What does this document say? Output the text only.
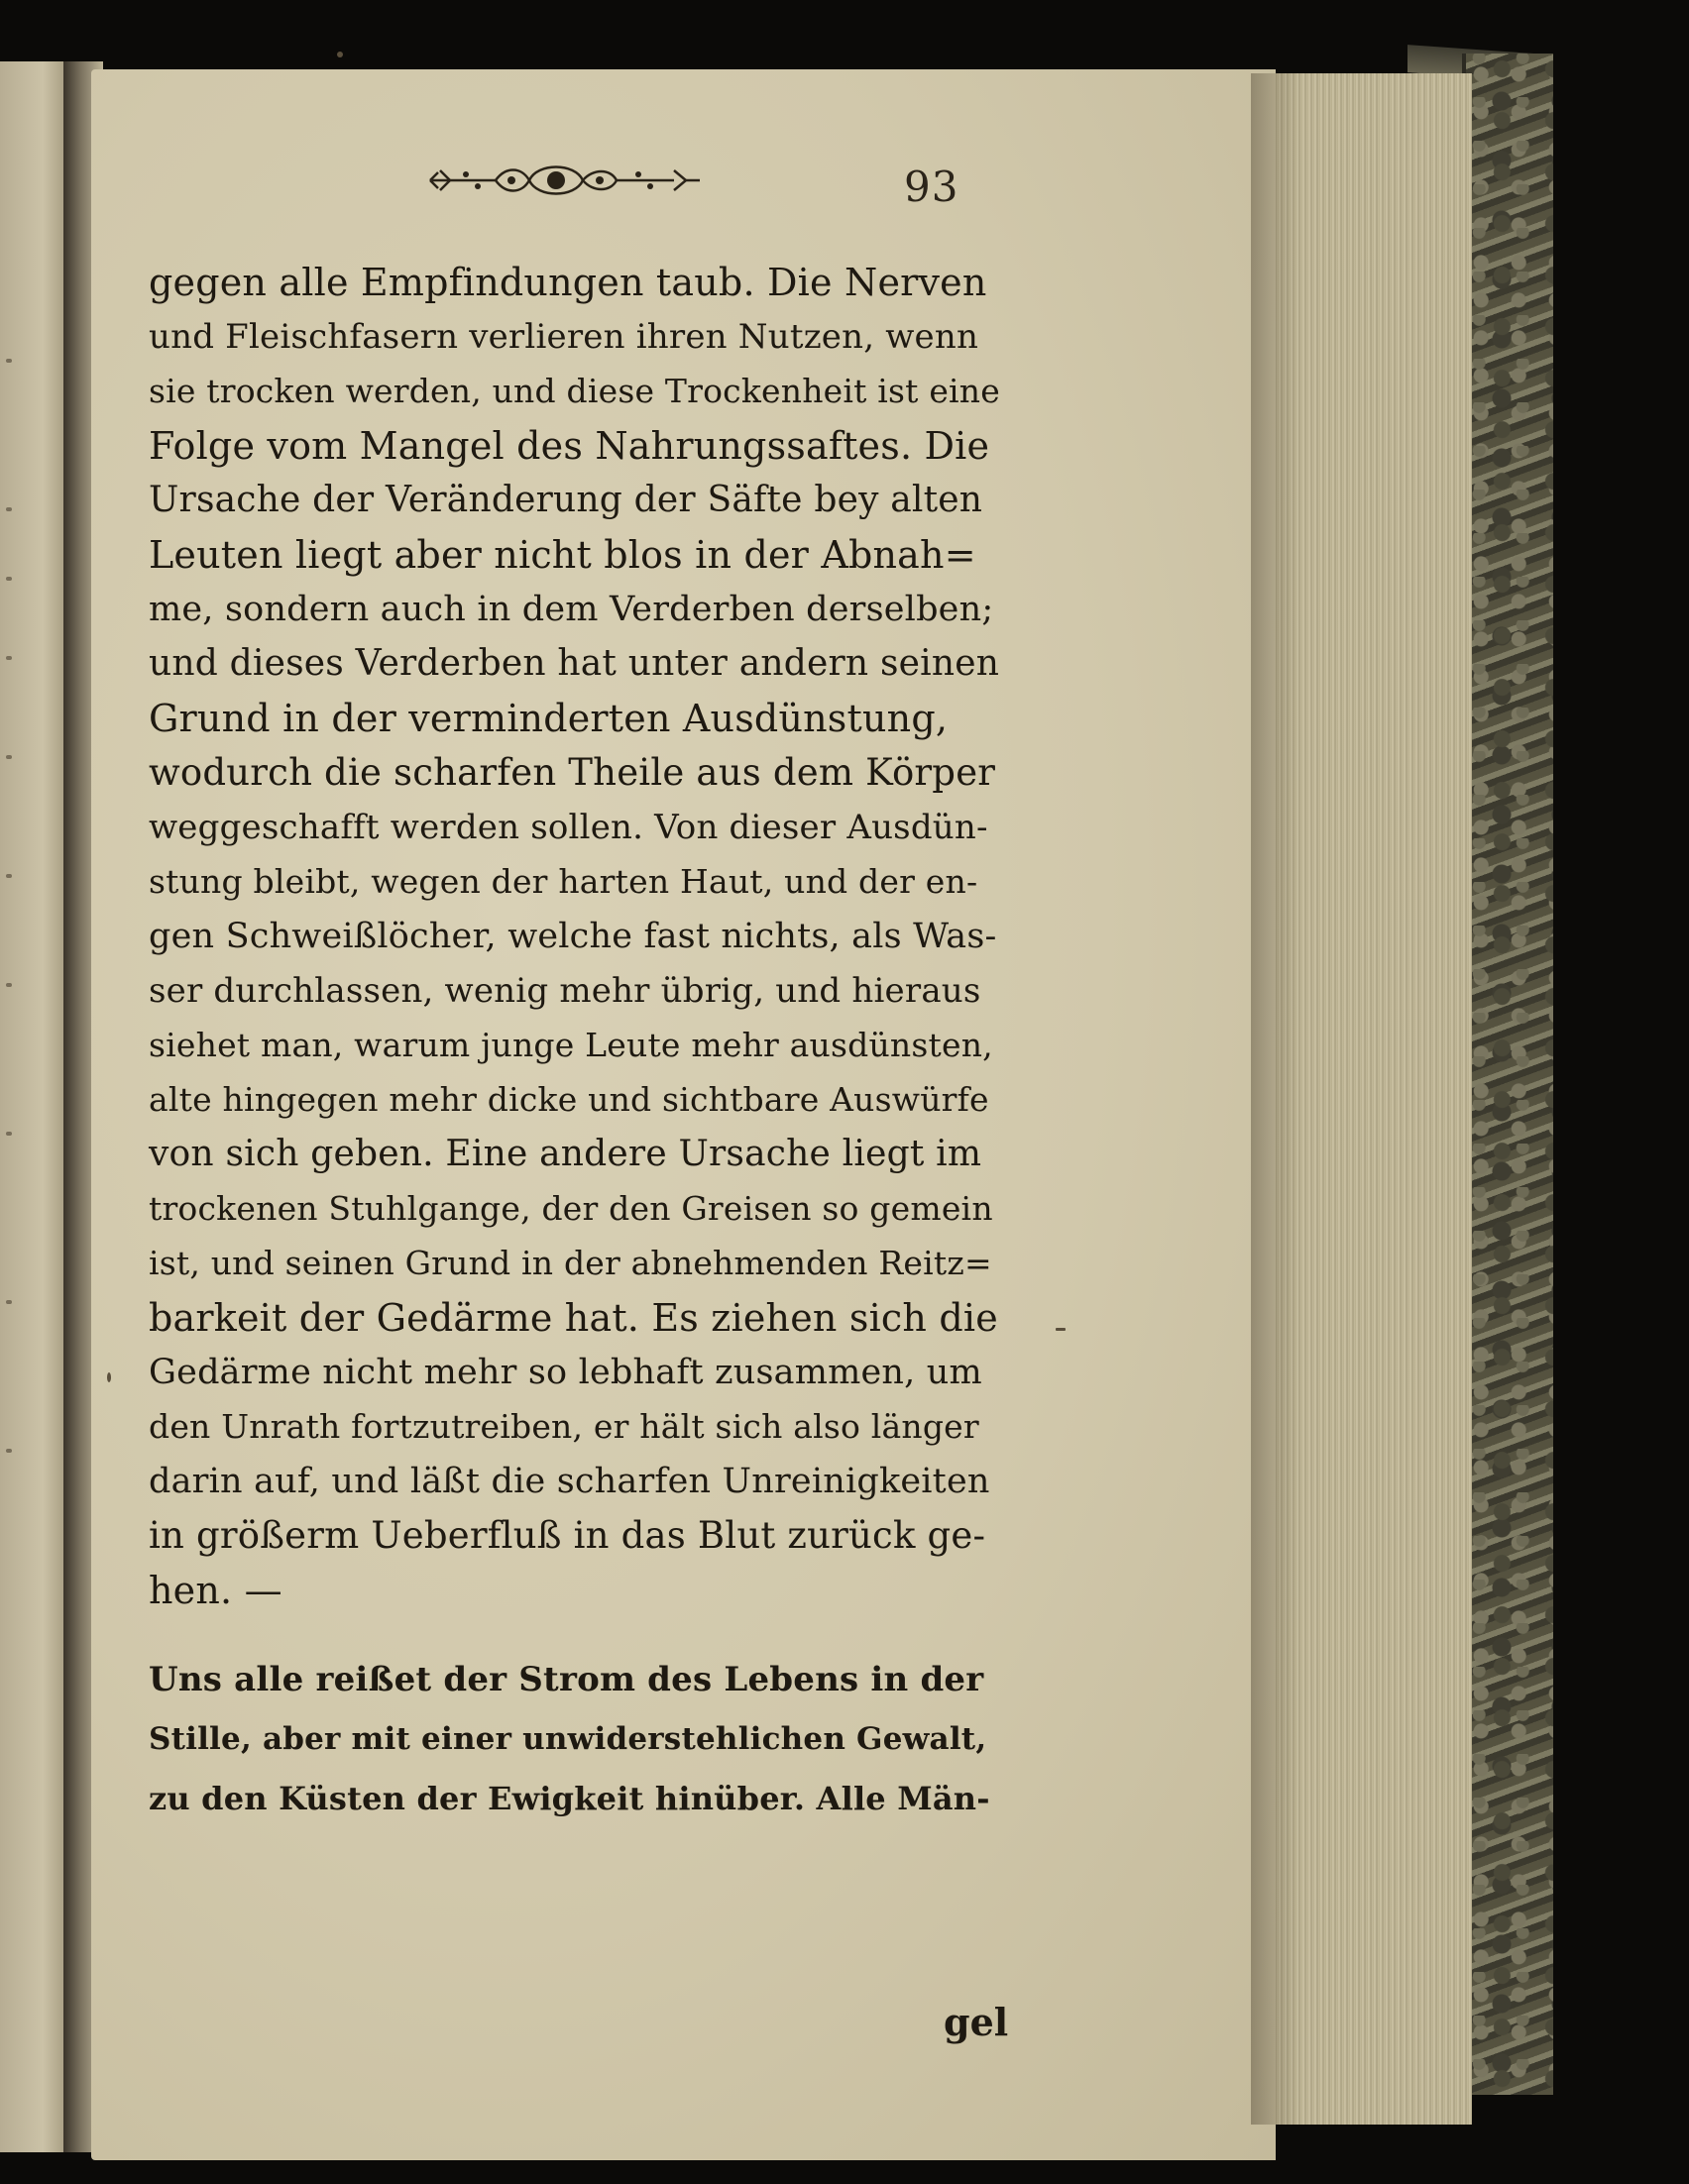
93
gegen alle Empfindungen taub. Die Nerven
und Fleischfasern verlieren ihren Nutzen, wenn
sie trocken werden, und diese Trockenheit ist eine
Folge vom Mangel des Nahrungssaftes. Die
Ursache der Veränderung der Säfte bey alten
Leuten liegt aber nicht blos in der Abnah=
me, sondern auch in dem Verderben derselben;
und dieses Verderben hat unter andern seinen
Grund in der verminderten Ausdünstung,
wodurch die scharfen Theile aus dem Körper
weggeschafft werden sollen. Von dieser Ausdün-
stung bleibt, wegen der harten Haut, und der en-
gen Schweißlöcher, welche fast nichts, als Was-
ser durchlassen, wenig mehr übrig, und hieraus
siehet man, warum junge Leute mehr ausdünsten,
alte hingegen mehr dicke und sichtbare Auswürfe
von sich geben. Eine andere Ursache liegt im
trockenen Stuhlgange, der den Greisen so gemein
ist, und seinen Grund in der abnehmenden Reitz=
barkeit der Gedärme hat. Es ziehen sich die
Gedärme nicht mehr so lebhaft zusammen, um
den Unrath fortzutreiben, er hält sich also länger
darin auf, und läßt die scharfen Unreinigkeiten
in größerm Ueberfluß in das Blut zurück ge-
hen. —
Uns alle reißet der Strom des Lebens in der
Stille, aber mit einer unwiderstehlichen Gewalt,
zu den Küsten der Ewigkeit hinüber. Alle Män-
gel
